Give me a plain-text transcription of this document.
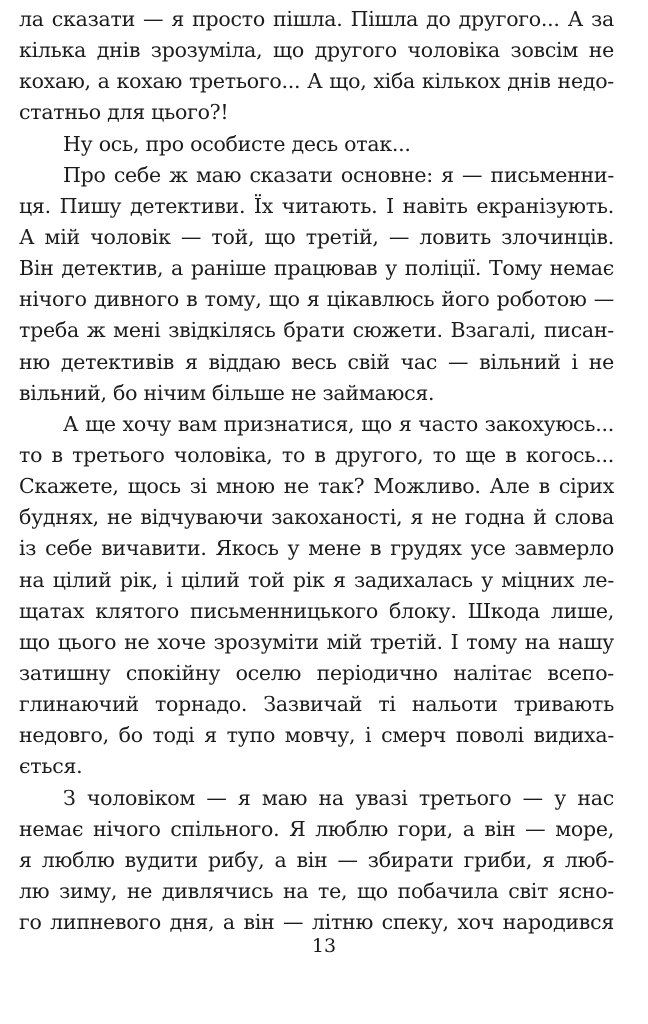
ла сказати — я просто пішла. Пішла до другого... А за
кілька днів зрозуміла, що другого чоловіка зовсім не
кохаю, а кохаю третього... А що, хіба кількох днів недо-
статньо для цього?!
Ну ось, про особисте десь отак...
Про себе ж маю сказати основне: я — письменни-
ця. Пишу детективи. Їх читають. І навіть екранізують.
А мій чоловік — той, що третій, — ловить злочинців.
Він детектив, а раніше працював у поліції. Тому немає
нічого дивного в тому, що я цікавлюсь його роботою —
треба ж мені звідкілясь брати сюжети. Взагалі, писан-
ню детективів я віддаю весь свій час — вільний і не
вільний, бо нічим більше не займаюся.
А ще хочу вам признатися, що я часто закохуюсь...
то в третього чоловіка, то в другого, то ще в когось...
Скажете, щось зі мною не так? Можливо. Але в сірих
буднях, не відчуваючи закоханості, я не годна й слова
із себе вичавити. Якось у мене в грудях усе завмерло
на цілий рік, і цілий той рік я задихалась у міцних ле-
щатах клятого письменницького блоку. Шкода лише,
що цього не хоче зрозуміти мій третій. І тому на нашу
затишну спокійну оселю періодично налітає всепо-
глинаючий торнадо. Зазвичай ті нальоти тривають
недовго, бо тоді я тупо мовчу, і смерч поволі видиха-
ється.
З чоловіком — я маю на увазі третього — у нас
немає нічого спільного. Я люблю гори, а він — море,
я люблю вудити рибу, а він — збирати гриби, я люб-
лю зиму, не дивлячись на те, що побачила світ ясно-
го липневого дня, а він — літню спеку, хоч народився
13
